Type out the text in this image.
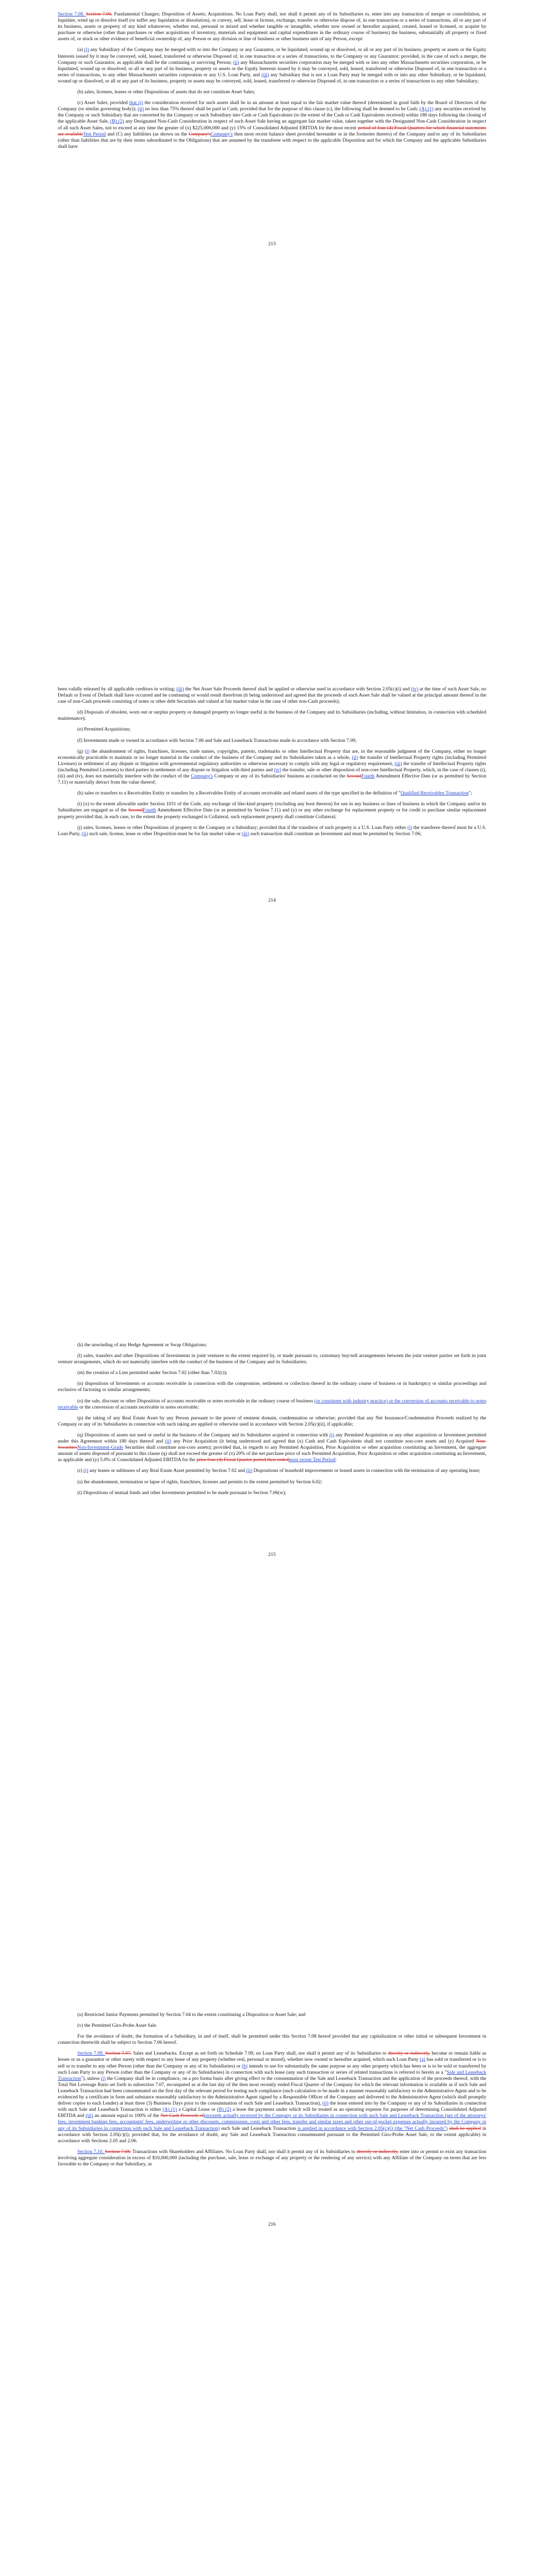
Section 7.08. Section 7.06. Fundamental Changes; Disposition of Assets; Acquisitions. No Loan Party shall, nor shall it permit any of its Subsidiaries to, enter into any transaction of merger or consolidation, or liquidate, wind up or dissolve itself (or suffer any liquidation or dissolution), or convey, sell, lease or license, exchange, transfer or otherwise dispose of, in one transaction or a series of transactions, all or any part of its business, assets or property of any kind whatsoever, whether real, personal or mixed and whether tangible or intangible, whether now owned or hereafter acquired, created, leased or licensed, or acquire by purchase or otherwise (other than purchases or other acquisitions of inventory, materials and equipment and capital expenditures in the ordinary course of business) the business, substantially all property or fixed assets of, or stock or other evidence of beneficial ownership of, any Person or any division or line of business or other business unit of any Person, except:

(a) (i) any Subsidiary of the Company may be merged with or into the Company or any Guarantor, or be liquidated, wound up or dissolved, or all or any part of its business, property or assets or the Equity Interests issued by it may be conveyed, sold, leased, transferred or otherwise Disposed of, in one transaction or a series of transactions, to the Company or any Guarantor; provided, in the case of such a merger, the Company or such Guarantor, as applicable shall be the continuing or surviving Person; (ii) any Massachusetts securities corporation may be merged with or into any other Massachusetts securities corporation, or be liquidated, wound up or dissolved, or all or any part of its business, property or assets or the Equity Interests issued by it may be conveyed, sold, leased, transferred or otherwise Disposed of, in one transaction or a series of transactions, to any other Massachusetts securities corporation or any U.S. Loan Party, and (iii) any Subsidiary that is not a Loan Party may be merged with or into any other Subsidiary, or be liquidated, wound up or dissolved, or all or any part of its business, property or assets may be conveyed, sold, leased, transferred or otherwise Disposed of, in one transaction or a series of transactions to any other Subsidiary;

(b) sales, licenses, leases or other Dispositions of assets that do not constitute Asset Sales;

(c) Asset Sales; provided that (i) the consideration received for such assets shall be in an amount at least equal to the fair market value thereof (determined in good faith by the Board of Directors of the Company (or similar governing body)); (ii) no less than 75% thereof shall be paid in Cash; provided that for the purpose of this clause (c), the following shall be deemed to be Cash: (A) (1) any securities received by the Company or such Subsidiary that are converted by the Company or such Subsidiary into Cash or Cash Equivalents (to the extent of the Cash or Cash Equivalents received) within 180 days following the closing of the applicable Asset Sale, (B) (2) any Designated Non-Cash Consideration in respect of such Asset Sale having an aggregate fair market value, taken together with the Designated Non-Cash Consideration in respect of all such Asset Sales, not to exceed at any time the greater of (x) $225,000,000 and (y) 15% of Consolidated Adjusted EBITDA for the most recent period of four (4) Fiscal Quarters for which financial statements are availableTest Period and (C) any liabilities (as shown on the Company'sCompany's then most recent balance sheet provided hereunder or in the footnotes thereto) of the Company and/or any of its Subsidiaries (other than liabilities that are by their terms subordinated to the Obligations) that are assumed by the transferee with respect to the applicable Disposition and for which the Company and the applicable Subsidiaries shall have

213

been validly released by all applicable creditors in writing; (iii) the Net Asset Sale Proceeds thereof shall be applied or otherwise used in accordance with Section 2.05(c)(i) and (iv) at the time of such Asset Sale, no Default or Event of Default shall have occurred and be continuing or would result therefrom (it being understood and agreed that the proceeds of each Asset Sale shall be valued at the principal amount thereof in the case of non-Cash proceeds consisting of notes or other debt Securities and valued at fair market value in the case of other non-Cash proceeds);

(d) Disposals of obsolete, worn out or surplus property or damaged property no longer useful in the business of the Company and its Subsidiaries (including, without limitation, in connection with scheduled maintenance);

(e) Permitted Acquisitions;

(f) Investments made or owned in accordance with Section 7.06 and Sale and Leaseback Transactions made in accordance with Section 7.09;

(g) (i) the abandonment of rights, franchises, licenses, trade names, copyrights, patents, trademarks or other Intellectual Property that are, in the reasonable judgment of the Company, either no longer economically practicable to maintain or no longer material in the conduct of the business of the Company and its Subsidiaries taken as a whole, (ii) the transfer of Intellectual Property rights (including Permitted Licenses) in settlement of any dispute or litigation with governmental regulatory authorities or otherwise necessary to comply with any legal or regulatory requirement, (iii) the transfer of Intellectual Property rights (including Permitted Licenses) to third parties in settlement of any dispute or litigation with third parties and (iv) the transfer, sale or other disposition of non-core Intellectual Property, which, in the case of clauses (i), (iii) and (iv), does not materially interfere with the conduct of the Company's Company or any of its Subsidiaries' business as conducted on the SecondFourth Amendment Effective Date (or as permitted by Section 7.11) or materially detract from the value thereof;

(h) sales or transfers to a Receivables Entity or transfers by a Receivables Entity of accounts receivable and related assets of the type specified in the definition of "Qualified Receivables Transaction";

(i) (x) to the extent allowable under Section 1031 of the Code, any exchange of like-kind property (excluding any boot thereon) for use in any business or lines of business in which the Company and/or its Subsidiaries are engaged as of the SecondFourth Amendment Effective Date (or as permitted by Section 7.11) and (y) or any other exchange for replacement property or for credit to purchase similar replacement property provided that, in each case, to the extent the property exchanged is Collateral, such replacement property shall constitute Collateral;

(j) sales, licenses, leases or other Dispositions of property to the Company or a Subsidiary; provided that if the transferor of such property is a U.S. Loan Party either (i) the transferee thereof must be a U.S. Loan Party, (ii) such sale, license, lease or other Disposition must be for fair market value or (iii) such transaction shall constitute an Investment and must be permitted by Section 7.06;

214

(k) the unwinding of any Hedge Agreement or Swap Obligations;

(l) sales, transfers and other Dispositions of Investments in joint ventures to the extent required by, or made pursuant to, customary buy/sell arrangements between the joint venture parties set forth in joint venture arrangements, which do not materially interfere with the conduct of the business of the Company and its Subsidiaries;

(m) the creation of a Lien permitted under Section 7.02 (other than 7.02(r));

(n) dispositions of Investments or accounts receivable in connection with the compromise, settlement or collection thereof in the ordinary course of business or in bankruptcy or similar proceedings and exclusive of factoring or similar arrangements;

(o) the sale, discount or other Disposition of accounts receivable or notes receivable in the ordinary course of business (or consistent with industry practice) or the conversion of accounts receivable to notes receivable or the conversion of accounts receivable to notes receivable;

(p) the taking of any Real Estate Asset by any Person pursuant to the power of eminent domain, condemnation or otherwise; provided that any Net Insurance/Condemnation Proceeds realized by the Company or any of its Subsidiaries in connection with such taking are applied or otherwise used in accordance with Section 2.05(c)(ii), if applicable;

(q) Dispositions of assets not used or useful in the business of the Company and its Subsidiaries acquired in connection with (i) any Permitted Acquisition or any other acquisition or Investment permitted under this Agreement within 180 days thereof and (ii) any Prior Acquisition (it being understood and agreed that (x) Cash and Cash Equivalents shall not constitute non-core assets and (y) Acquired Non-SecuritiesNon-Investment-Grade Securities shall constitute non-core assets); provided that, in regards to any Permitted Acquisition, Prior Acquisition or other acquisition constituting an Investment, the aggregate amount of assets disposed of pursuant to this clause (q) shall not exceed the greater of (x) 20% of the net purchase price of such Permitted Acquisition, Prior Acquisition or other acquisition constituting an Investment, as applicable and (y) 5.0% of Consolidated Adjusted EBITDA for the prior four (4) Fiscal Quarter period then endedmost recent Test Period;

(r) (i) any leases or subleases of any Real Estate Asset permitted by Section 7.02 and (ii) Dispositions of leasehold improvements or leased assets in connection with the termination of any operating lease;

(s) the abandonment, termination or lapse of rights, franchises, licenses and permits to the extent permitted by Section 6.02;

(t) Dispositions of mutual funds and other Investments permitted to be made pursuant to Section 7.06(w);

215

(u) Restricted Junior Payments permitted by Section 7.04 to the extent constituting a Disposition or Asset Sale; and

(v) the Permitted Giro-Probe Asset Sale.

For the avoidance of doubt, the formation of a Subsidiary, in and of itself, shall be permitted under this Section 7.08 hereof provided that any capitalization or other initial or subsequent Investment in connection therewith shall be subject to Section 7.06 hereof.

Section 7.09. Section 7.07. Sales and Leasebacks. Except as set forth on Schedule 7.09, no Loan Party shall, nor shall it permit any of its Subsidiaries to directly or indirectly, become or remain liable as lessee or as a guarantor or other surety with respect to any lease of any property (whether real, personal or mixed), whether now owned or hereafter acquired, which such Loan Party (a) has sold or transferred or is to sell or to transfer to any other Person (other than the Company or any of its Subsidiaries) or (b) intends to use for substantially the same purpose as any other property which has been or is to be sold or transferred by such Loan Party to any Person (other than the Company or any of its Subsidiaries) in connection with such lease (any such transaction or series of related transactions is referred to herein as a "Sale and Leaseback Transaction"), unless (i) the Company shall be in compliance, on a pro forma basis after giving effect to the consummation of the Sale and Leaseback Transaction and the application of the proceeds thereof, with the Total Net Leverage Ratio set forth in subsection 7.07, recomputed as at the last day of the then most recently ended Fiscal Quarter of the Company for which the relevant information is available as if such Sale and Leaseback Transaction had been consummated on the first day of the relevant period for testing such compliance (such calculation to be made in a manner reasonably satisfactory to the Administrative Agent and to be evidenced by a certificate in form and substance reasonably satisfactory to the Administrative Agent signed by a Responsible Officer of the Company and delivered to the Administrative Agent (which shall promptly deliver copies to each Lender) at least three (3) Business Days prior to the consummation of such Sale and Leaseback Transaction), (ii) the lease entered into by the Company or any of its Subsidiaries in connection with such Sale and Leaseback Transaction is either (A) (1) a Capital Lease or (B) (2) a lease the payments under which will be treated as an operating expense for purposes of determining Consolidated Adjusted EBITDA and (iii) an amount equal to 100% of the Net Cash Proceeds ofproceeds actually received by the Company or its Subsidiaries in connection with such Sale and Leaseback Transaction (net of the attorneys' fees, investment banking fees, accountants' fees, underwriting or other discounts, commissions, costs and other fees, transfer and similar taxes and other out-of-pocket expenses actually incurred by the Company or any of its Subsidiaries in connection with such Sale and Leaseback Transaction) such Sale and Leaseback Transaction is applied in accordance with Section 2.05(c)(i) (the "Net Cash Proceeds") shall be applied in accordance with Section 2.05(c)(i); provided that, for the avoidance of doubt, any Sale and Leaseback Transaction consummated pursuant to the Permitted Giro-Probe Asset Sale, to the extent applicable) in accordance with Sections 2.05 and 2.06.

Section 7.10. Section 7.08. Transactions with Shareholders and Affiliates. No Loan Party shall, nor shall it permit any of its Subsidiaries to directly or indirectly, enter into or permit to exist any transaction involving aggregate consideration in excess of $10,000,000 (including the purchase, sale, lease or exchange of any property or the rendering of any service) with any Affiliate of the Company on terms that are less favorable to the Company or that Subsidiary, as

216
